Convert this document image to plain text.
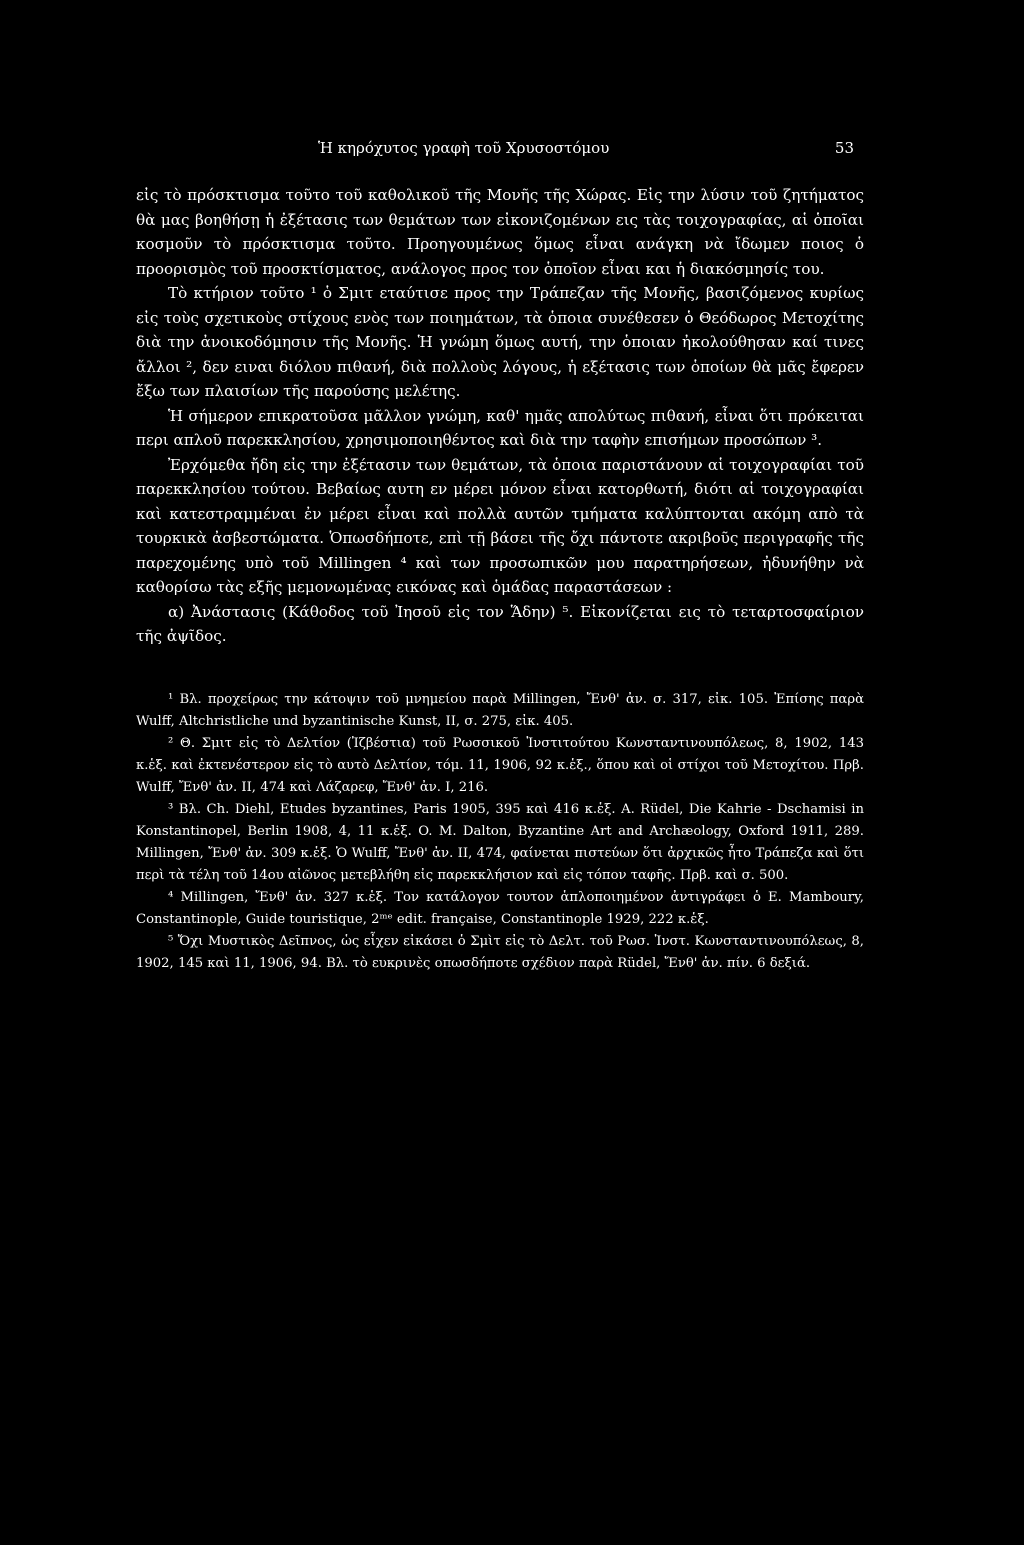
Ἡ κηρόχυτος γραφὴ τοῦ Χρυσοστόμου	53

εἰς τὸ πρόσκτισμα τοῦτο τοῦ καθολικοῦ τῆς Μονῆς τῆς Χώρας. Εἰς την λύσιν τοῦ ζητήματος θὰ μας βοηθήσῃ ἡ ἐξέτασις των θεμάτων των εἰκονιζομένων εις τὰς τοιχογραφίας, αἱ ὁποῖαι κοσμοῦν τὸ πρόσκτισμα τοῦτο. Προηγουμένως ὅμως εἶναι ανάγκη νὰ ἴδωμεν ποιος ὁ προορισμὸς τοῦ προσκτίσματος, ανάλογος προς τον ὁποῖον εἶναι και ἡ διακόσμησίς του.

Τὸ κτήριον τοῦτο ¹ ὁ Σμιτ εταύτισε προς την Τράπεζαν τῆς Μονῆς, βασιζόμενος κυρίως εἰς τοὺς σχετικοὺς στίχους ενὸς των ποιημάτων, τὰ ὁποια συνέθεσεν ὁ Θεόδωρος Μετοχίτης διὰ την ἀνοικοδόμησιν τῆς Μονῆς. Ἡ γνώμη ὅμως αυτή, την ὁποιαν ἠκολούθησαν καί τινες ἄλλοι ², δεν ειναι διόλου πιθανή, διὰ πολλοὺς λόγους, ἡ εξέτασις των ὁποίων θὰ μᾶς ἔφερεν ἔξω των πλαισίων τῆς παρούσης μελέτης.

Ἡ σήμερον επικρατοῦσα μᾶλλον γνώμη, καθ' ημᾶς απολύτως πιθανή, εἶναι ὅτι πρόκειται περι απλοῦ παρεκκλησίου, χρησιμοποιηθέντος καὶ διὰ την ταφὴν επισήμων προσώπων ³.

Ἐρχόμεθα ἤδη εἰς την ἐξέτασιν των θεμάτων, τὰ ὁποια παριστάνουν αἱ τοιχογραφίαι τοῦ παρεκκλησίου τούτου. Βεβαίως αυτη εν μέρει μόνον εἶναι κατορθωτή, διότι αἱ τοιχογραφίαι καὶ κατεστραμμέναι ἐν μέρει εἶναι καὶ πολλὰ αυτῶν τμήματα καλύπτονται ακόμη απὸ τὰ τουρκικὰ ἀσβεστώματα. Ὁπωσδήποτε, επὶ τῇ βάσει τῆς ὄχι πάντοτε ακριβοῦς περιγραφῆς τῆς παρεχομένης υπὸ τοῦ Millingen ⁴ καὶ των προσωπικῶν μου παρατηρήσεων, ἠδυνήθην νὰ καθορίσω τὰς εξῆς μεμονωμένας εικόνας καὶ ὁμάδας παραστάσεων :

α) Ἀνάστασις (Κάθοδος τοῦ Ἰησοῦ εἰς τον Ἅδην) ⁵. Εἰκονίζεται εις τὸ τεταρτοσφαίριον τῆς ἀψῖδος.

¹ Βλ. προχείρως την κάτοψιν τοῦ μνημείου παρὰ Millingen, Ἔνθ' ἀν. σ. 317, εἰκ. 105. Ἐπίσης παρὰ Wulff, Altchristliche und byzantinische Kunst, II, σ. 275, εἰκ. 405.

² Θ. Σμιτ εἰς τὸ Δελτίον (Ἰζβέστια) τοῦ Ρωσσικοῦ Ἰνστιτούτου Κωνσταντινουπόλεως, 8, 1902, 143 κ.ἑξ. καὶ ἐκτενέστερον εἰς τὸ αυτὸ Δελτίον, τόμ. 11, 1906, 92 κ.ἑξ., ὅπου καὶ οἱ στίχοι τοῦ Μετοχίτου. Πρβ. Wulff, Ἔνθ' ἀν. II, 474 καὶ Λάζαρεφ, Ἔνθ' ἀν. I, 216.

³ Βλ. Ch. Diehl, Etudes byzantines, Paris 1905, 395 καὶ 416 κ.ἑξ. A. Rüdel, Die Kahrie - Dschamisi in Konstantinopel, Berlin 1908, 4, 11 κ.ἑξ. O. M. Dalton, Byzantine Art and Archæology, Oxford 1911, 289. Millingen, Ἔνθ' ἀν. 309 κ.ἑξ. Ὁ Wulff, Ἔνθ' ἀν. II, 474, φαίνεται πιστεύων ὅτι ἀρχικῶς ἦτο Τράπεζα καὶ ὅτι περὶ τὰ τέλη τοῦ 14ου αἰῶνος μετεβλήθη εἰς παρεκκλήσιον καὶ εἰς τόπον ταφῆς. Πρβ. καὶ σ. 500.

⁴ Millingen, Ἔνθ' ἀν. 327 κ.ἑξ. Τον κατάλογον τουτον ἁπλοποιημένον ἀντιγράφει ὁ E. Mamboury, Constantinople, Guide touristique, 2ᵐᵉ edit. française, Constantinople 1929, 222 κ.ἑξ.

⁵ Ὄχι Μυστικὸς Δεῖπνος, ὡς εἶχεν εἰκάσει ὁ Σμὶτ εἰς τὸ Δελτ. τοῦ Ρωσ. Ἰνστ. Κωνσταντινουπόλεως, 8, 1902, 145 καὶ 11, 1906, 94. Βλ. τὸ ευκρινὲς οπωσδήποτε σχέδιον παρὰ Rüdel, Ἔνθ' ἀν. πίν. 6 δεξιά.
